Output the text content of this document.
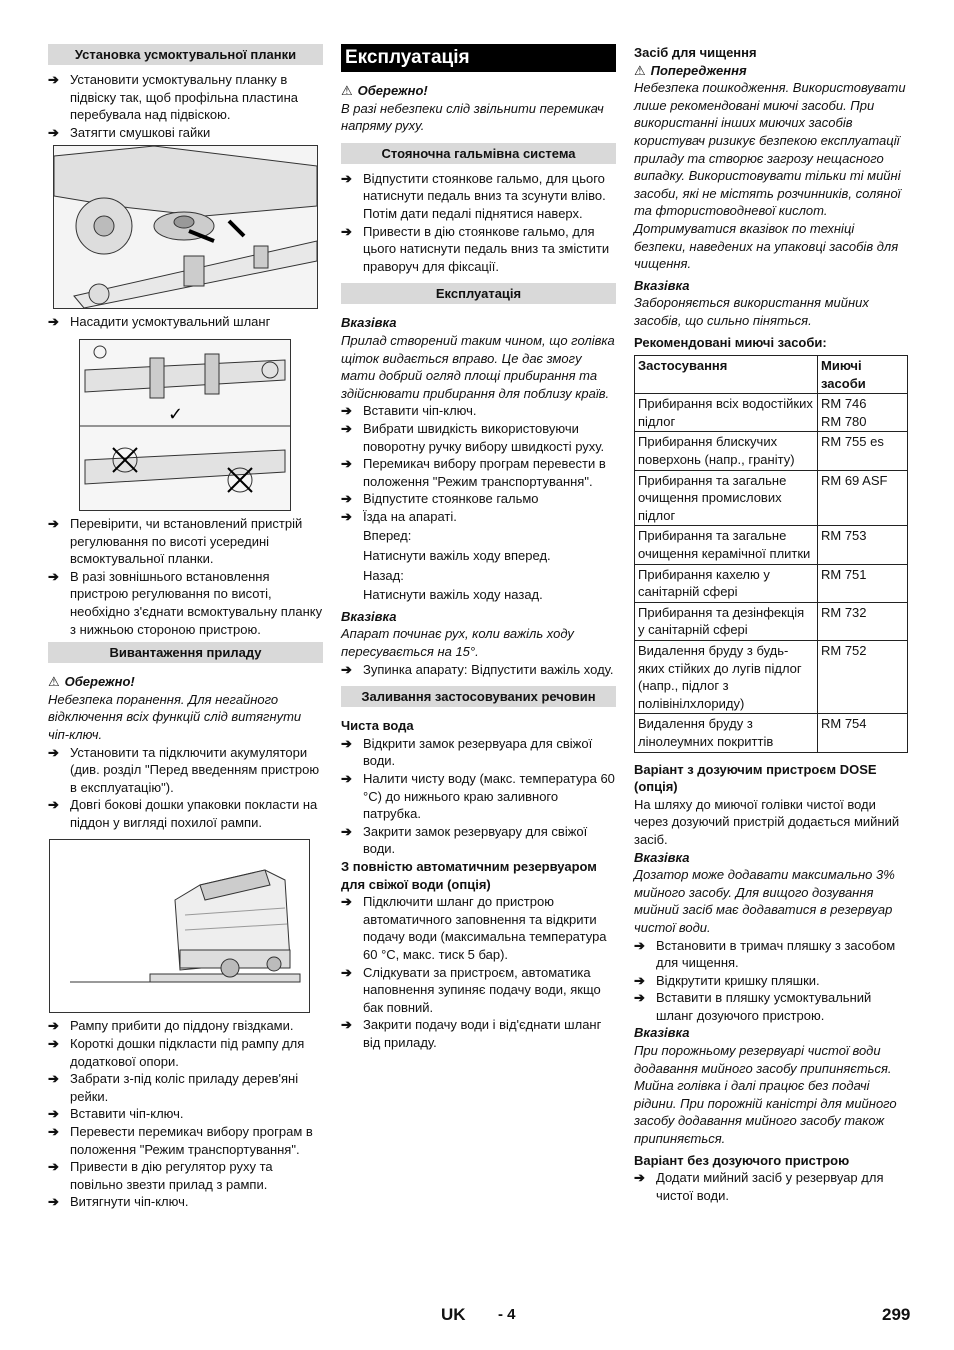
Установка усмоктувальної планки
➔ Установити усмоктувальну планку в підвіску так, щоб профільна пластина перебувала над підвіскою.
➔ Затягти смушкові гайки
➔ Насадити усмоктувальний шланг
✓
➔ Перевірити, чи встановлений пристрій регулювання по висоті усередині всмоктувальної планки.
➔ В разі зовнішнього встановлення пристрою регулювання по висоті, необхідно з'єднати всмоктувальну планку з нижньою стороною пристрою.
Вивантаження приладу
⚠ Обережно!
Небезпека поранення. Для негайного відключення всіх функцій слід витягнути чіп-ключ.
➔ Установити та підключити акумулятори (див. розділ "Перед введенням пристрою в експлуатацію").
➔ Довгі бокові дошки упаковки покласти на піддон у вигляді похилої рампи.
➔ Рампу прибити до піддону гвіздками.
➔ Короткі дошки підкласти під рампу для додаткової опори.
➔ Забрати з-під коліс приладу дерев'яні рейки.
➔ Вставити чіп-ключ.
➔ Перевести перемикач вибору програм в положення "Режим транспортування".
➔ Привести в дію регулятор руху та повільно звезти прилад з рампи.
➔ Витягнути чіп-ключ.
Експлуатація
⚠ Обережно!
В разі небезпеки слід звільнити перемикач напряму руху.
Стояночна гальмівна система
➔ Відпустити стоянкове гальмо, для цього натиснути педаль вниз та зсунути вліво. Потім дати педалі піднятися наверх.
➔ Привести в дію стоянкове гальмо, для цього натиснути педаль вниз та змістити праворуч для фіксації.
Експлуатація
Вказівка
Прилад створений таким чином, що голівка щіток видається вправо. Це дає змогу мати добрий огляд площі прибирання та здійснювати прибирання для поблизу країв.
➔ Вставити чіп-ключ.
➔ Вибрати швидкість використовуючи поворотну ручку вибору швидкості руху.
➔ Перемикач вибору програм перевести в положення "Режим транспортування".
➔ Відпустите стоянкове гальмо
➔ Їзда на апараті.
Вперед:
Натиснути важіль ходу вперед.
Назад:
Натиснути важіль ходу назад.
Вказівка
Апарат починає рух, коли важіль ходу пересувається на 15°.
➔ Зупинка апарату: Відпустити важіль ходу.
Заливання застосовуваних речовин
Чиста вода
➔ Відкрити замок резервуара для свіжої води.
➔ Налити чисту воду (макс. температура 60 °C) до нижнього краю заливного патрубка.
➔ Закрити замок резервуару для свіжої води.
З повністю автоматичним резервуаром для свіжої води (опція)
➔ Підключити шланг до пристрою автоматичного заповнення та відкрити подачу води (максимальна температура 60 °C, макс. тиск 5 бар).
➔ Слідкувати за пристроєм, автоматика наповнення зупиняє подачу води, якщо бак повний.
➔ Закрити подачу води і від'єднати шланг від приладу.
Засіб для чищення
⚠ Попередження
Небезпека пошкодження. Використовувати лише рекомендовані миючі засоби. При використанні інших миючих засобів користувач ризикує безпекою експлуатації приладу та створює загрозу нещасного випадку. Використовувати тільки ті мийні засоби, які не містять розчинників, соляної та фтористоводневої кислот. Дотримуватися вказівок по техніці безпеки, наведених на упаковці засобів для чищення.
Вказівка
Забороняється використання мийних засобів, що сильно піняться.
Рекомендовані миючі засоби:
Застосування	Миючі засоби
Прибирання всіх водостійких підлог	RM 746
RM 780
Прибирання блискучих поверхонь (напр., граніту)	RM 755 es
Прибирання та загальне очищення промислових підлог	RM 69 ASF
Прибирання та загальне очищення керамічної плитки	RM 753
Прибирання кахелю у санітарній сфері	RM 751
Прибирання та дезінфекція у санітарній сфері	RM 732
Видалення бруду з будь-яких стійких до лугів підлог (напр., підлог з полівінілхлориду)	RM 752
Видалення бруду з лінолеумних покриттів	RM 754
Варіант з дозуючим пристроєм DOSE (опція)
На шляху до миючої голівки чистої води через дозуючий пристрій додається мийний засіб.
Вказівка
Дозатор може додавати максимально 3% мийного засобу. Для вищого дозування мийний засіб має додаватися в резервуар чистої води.
➔ Встановити в тримач пляшку з засобом для чищення.
➔ Відкрутити кришку пляшки.
➔ Вставити в пляшку усмоктувальний шланг дозуючого пристрою.
Вказівка
При порожньому резервуарі чистої води додавання мийного засобу припиняється. Мийна голівка і далі працює без подачі рідини. При порожній каністрі для мийного засобу додавання мийного засобу також припиняється.
Варіант без дозуючого пристрою
➔ Додати мийний засіб у резервуар для чистої води.
UK - 4	299
